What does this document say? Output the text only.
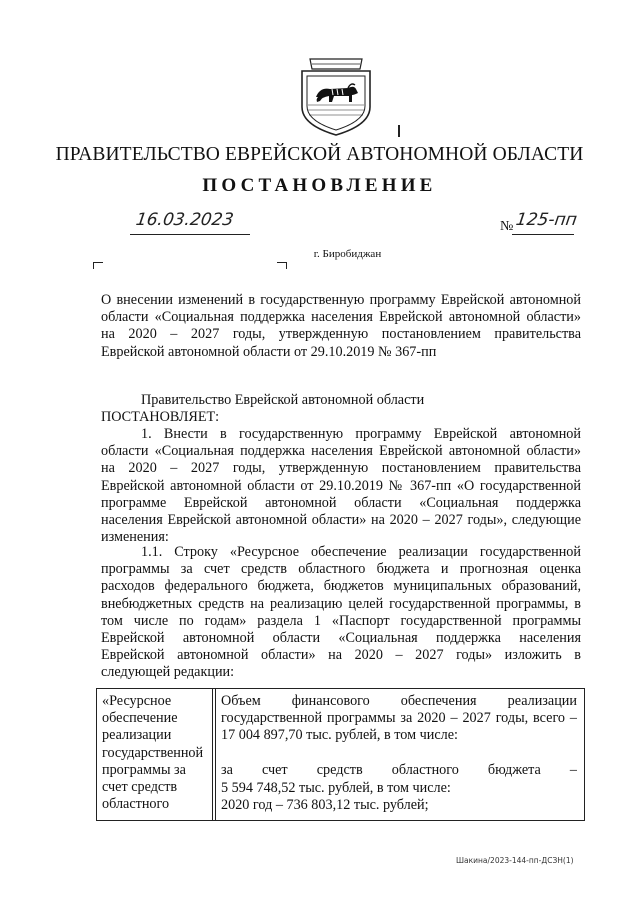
ПРАВИТЕЛЬСТВО ЕВРЕЙСКОЙ АВТОНОМНОЙ ОБЛАСТИ
ПОСТАНОВЛЕНИЕ
16.03.2023	№ 125-пп
г. Биробиджан
О внесении изменений в государственную программу Еврейской автономной
области «Социальная поддержка населения Еврейской автономной области»
на 2020 – 2027 годы, утвержденную постановлением правительства
Еврейской автономной области от 29.10.2019 № 367-пп
Правительство Еврейской автономной области
ПОСТАНОВЛЯЕТ:
1. Внести в государственную программу Еврейской автономной
области «Социальная поддержка населения Еврейской автономной области»
на 2020 – 2027 годы, утвержденную постановлением правительства
Еврейской автономной области от 29.10.2019 № 367-пп «О государственной
программе Еврейской автономной области «Социальная поддержка
населения Еврейской автономной области» на 2020 – 2027 годы», следующие
изменения:
1.1. Строку «Ресурсное обеспечение реализации государственной
программы за счет средств областного бюджета и прогнозная оценка
расходов федерального бюджета, бюджетов муниципальных образований,
внебюджетных средств на реализацию целей государственной программы, в
том числе по годам» раздела 1 «Паспорт государственной программы
Еврейской автономной области «Социальная поддержка населения
Еврейской автономной области» на 2020 – 2027 годы» изложить в
следующей редакции:
«Ресурсное
обеспечение
реализации
государственной
программы за
счет средств
областного
Объем финансового обеспечения реализации
государственной программы за 2020 – 2027 годы, всего –
17 004 897,70 тыс. рублей, в том числе:
за счет средств областного бюджета –
5 594 748,52 тыс. рублей, в том числе:
2020 год – 736 803,12 тыс. рублей;
Шакина/2023-144-пп-ДСЗН(1)
